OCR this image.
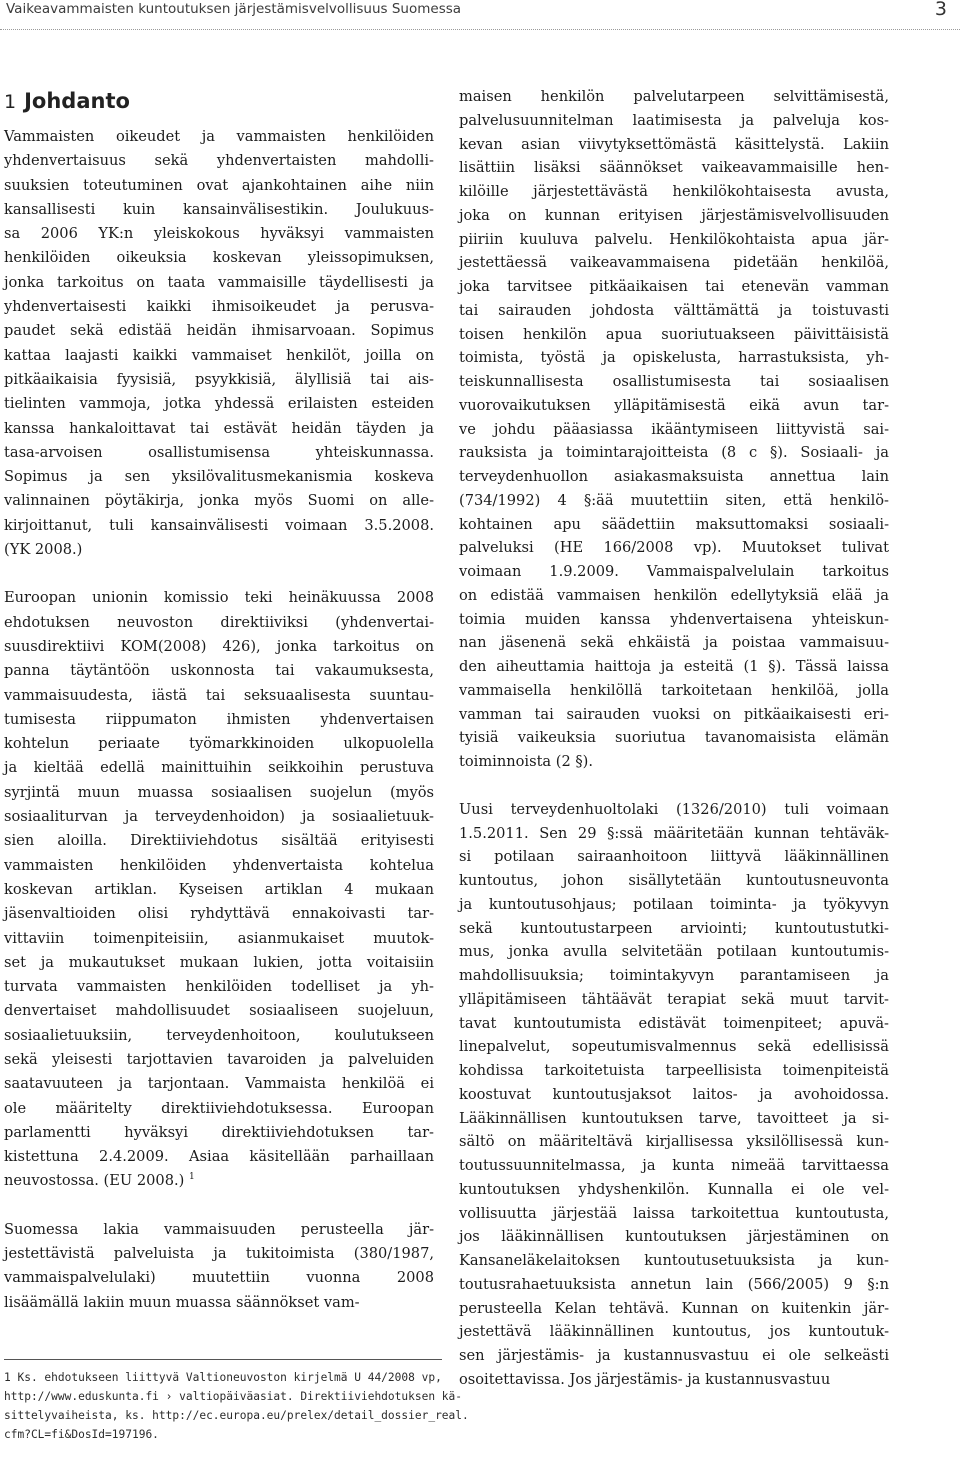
Vaikeavammaisten kuntoutuksen järjestämisvelvollisuus Suomessa	3
1 Johdanto
Vammaisten oikeudet ja vammaisten henkilöiden
yhdenvertaisuus sekä yhdenvertaisten mahdolli-
suuksien toteutuminen ovat ajankohtainen aihe niin
kansallisesti kuin kansainvälisestikin. Joulukuus-
sa 2006 YK:n yleiskokous hyväksyi vammaisten
henkilöiden oikeuksia koskevan yleissopimuksen,
jonka tarkoitus on taata vammaisille täydellisesti ja
yhdenvertaisesti kaikki ihmisoikeudet ja perusva-
paudet sekä edistää heidän ihmisarvoaan. Sopimus
kattaa laajasti kaikki vammaiset henkilöt, joilla on
pitkäaikaisia fyysisiä, psyykkisiä, älyllisiä tai ais-
tielinten vammoja, jotka yhdessä erilaisten esteiden
kanssa hankaloittavat tai estävät heidän täyden ja
tasa-arvoisen osallistumisensa yhteiskunnassa.
Sopimus ja sen yksilövalitusmekanismia koskeva
valinnainen pöytäkirja, jonka myös Suomi on alle-
kirjoittanut, tuli kansainvälisesti voimaan 3.5.2008.
(YK 2008.)
Euroopan unionin komissio teki heinäkuussa 2008
ehdotuksen neuvoston direktiiviksi (yhdenvertai-
suusdirektiivi KOM(2008) 426), jonka tarkoitus on
panna täytäntöön uskonnosta tai vakaumuksesta,
vammaisuudesta, iästä tai seksuaalisesta suuntau-
tumisesta riippumaton ihmisten yhdenvertaisen
kohtelun periaate työmarkkinoiden ulkopuolella
ja kieltää edellä mainittuihin seikkoihin perustuva
syrjintä muun muassa sosiaalisen suojelun (myös
sosiaaliturvan ja terveydenhoidon) ja sosiaalietuuk-
sien aloilla. Direktiiviehdotus sisältää erityisesti
vammaisten henkilöiden yhdenvertaista kohtelua
koskevan artiklan. Kyseisen artiklan 4 mukaan
jäsenvaltioiden olisi ryhdyttävä ennakoivasti tar-
vittaviin toimenpiteisiin, asianmukaiset muutok-
set ja mukautukset mukaan lukien, jotta voitaisiin
turvata vammaisten henkilöiden todelliset ja yh-
denvertaiset mahdollisuudet sosiaaliseen suojeluun,
sosiaalietuuksiin, terveydenhoitoon, koulutukseen
sekä yleisesti tarjottavien tavaroiden ja palveluiden
saatavuuteen ja tarjontaan. Vammaista henkilöä ei
ole määritelty direktiiviehdotuksessa. Euroopan
parlamentti hyväksyi direktiiviehdotuksen tar-
kistettuna 2.4.2009. Asiaa käsitellään parhaillaan
neuvostossa. (EU 2008.) $^1$
Suomessa lakia vammaisuuden perusteella jär-
jestettävistä palveluista ja tukitoimista (380/1987,
vammaispalvelulaki) muutettiin vuonna 2008
lisäämällä lakiin muun muassa säännökset vam-
maisen henkilön palvelutarpeen selvittämisestä,
palvelusuunnitelman laatimisesta ja palveluja kos-
kevan asian viivytyksettömästä käsittelystä. Lakiin
lisättiin lisäksi säännökset vaikeavammaisille hen-
kilöille järjestettävästä henkilökohtaisesta avusta,
joka on kunnan erityisen järjestämisvelvollisuuden
piiriin kuuluva palvelu. Henkilökohtaista apua jär-
jestettäessä vaikeavammaisena pidetään henkilöä,
joka tarvitsee pitkäaikaisen tai etenevän vamman
tai sairauden johdosta välttämättä ja toistuvasti
toisen henkilön apua suoriutuakseen päivittäisistä
toimista, työstä ja opiskelusta, harrastuksista, yh-
teiskunnallisesta osallistumisesta tai sosiaalisen
vuorovaikutuksen ylläpitämisestä eikä avun tar-
ve johdu pääasiassa ikääntymiseen liittyvistä sai-
rauksista ja toimintarajoitteista (8 c §). Sosiaali- ja
terveydenhuollon asiakasmaksuista annettua lain
(734/1992) 4 §:ää muutettiin siten, että henkilö-
kohtainen apu säädettiin maksuttomaksi sosiaali-
palveluksi (HE 166/2008 vp). Muutokset tulivat
voimaan 1.9.2009. Vammaispalvelulain tarkoitus
on edistää vammaisen henkilön edellytyksiä elää ja
toimia muiden kanssa yhdenvertaisena yhteiskun-
nan jäsenenä sekä ehkäistä ja poistaa vammaisuu-
den aiheuttamia haittoja ja esteitä (1 §). Tässä laissa
vammaisella henkilöllä tarkoitetaan henkilöä, jolla
vamman tai sairauden vuoksi on pitkäaikaisesti eri-
tyisiä vaikeuksia suoriutua tavanomaisista elämän
toiminnoista (2 §).
Uusi terveydenhuoltolaki (1326/2010) tuli voimaan
1.5.2011. Sen 29 §:ssä määritetään kunnan tehtäväk-
si potilaan sairaanhoitoon liittyvä lääkinnällinen
kuntoutus, johon sisällytetään kuntoutusneuvonta
ja kuntoutusohjaus; potilaan toiminta- ja työkyvyn
sekä kuntoutustarpeen arviointi; kuntoutustutki-
mus, jonka avulla selvitetään potilaan kuntoutumis-
mahdollisuuksia; toimintakyvyn parantamiseen ja
ylläpitämiseen tähtäävät terapiat sekä muut tarvit-
tavat kuntoutumista edistävät toimenpiteet; apuvä-
linepalvelut, sopeutumisvalmennus sekä edellisissä
kohdissa tarkoitetuista tarpeellisista toimenpiteistä
koostuvat kuntoutusjaksot laitos- ja avohoidossa.
Lääkinnällisen kuntoutuksen tarve, tavoitteet ja si-
sältö on määriteltävä kirjallisessa yksilöllisessä kun-
toutussuunnitelmassa, ja kunta nimeää tarvittaessa
kuntoutuksen yhdyshenkilön. Kunnalla ei ole vel-
vollisuutta järjestää laissa tarkoitettua kuntoutusta,
jos lääkinnällisen kuntoutuksen järjestäminen on
Kansaneläkelaitoksen kuntoutusetuuksista ja kun-
toutusrahaetuuksista annetun lain (566/2005) 9 §:n
perusteella Kelan tehtävä. Kunnan on kuitenkin jär-
jestettävä lääkinnällinen kuntoutus, jos kuntoutuk-
sen järjestämis- ja kustannusvastuu ei ole selkeästi
osoitettavissa. Jos järjestämis- ja kustannusvastuu
1 Ks. ehdotukseen liittyvä Valtioneuvoston kirjelmä U 44/2008 vp,
http://www.eduskunta.fi › valtiopäiväasiat. Direktiiviehdotuksen kä-
sittelyvaiheista, ks. http://ec.europa.eu/prelex/detail_dossier_real.
cfm?CL=fi&DosId=197196.
